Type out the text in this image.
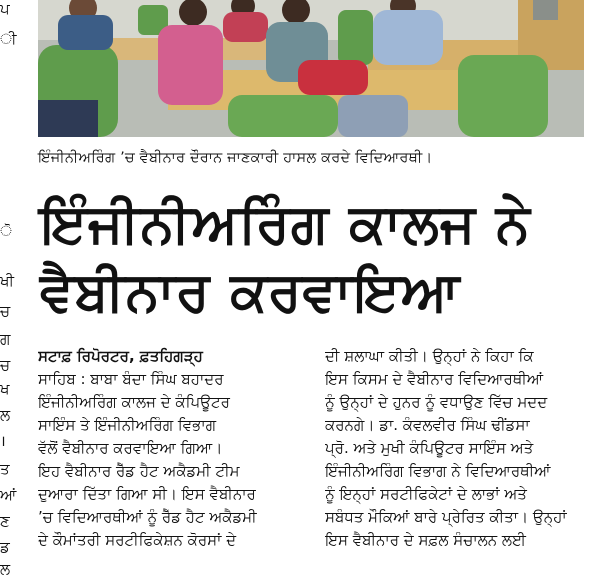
ਪ
ੀ
ੋ
ਖੀ
ਚ
ਗ
ਚ
ਖ
ਲ
।
ਤ
ਆਂ
ਣ
ਡ
ਲ
ਇੰਜੀਨੀਅਰਿੰਗ ’ਚ ਵੈਬੀਨਾਰ ਦੌਰਾਨ ਜਾਣਕਾਰੀ ਹਾਸਲ ਕਰਦੇ ਵਿਦਿਆਰਥੀ।
ਇੰਜੀਨੀਅਰਿੰਗ ਕਾਲਜ ਨੇ
ਵੈਬੀਨਾਰ ਕਰਵਾਇਆ
ਸਟਾਫ਼ ਰਿਪੋਰਟਰ, ਫ਼ਤਹਿਗੜ੍ਹ
ਸਾਹਿਬ : ਬਾਬਾ ਬੰਦਾ ਸਿੰਘ ਬਹਾਦਰ
ਇੰਜੀਨੀਅਰਿੰਗ ਕਾਲਜ ਦੇ ਕੰਪਿਊਟਰ
ਸਾਇੰਸ ਤੇ ਇੰਜੀਨੀਅਰਿੰਗ ਵਿਭਾਗ
ਵੱਲੋਂ ਵੈਬੀਨਾਰ ਕਰਵਾਇਆ ਗਿਆ।
ਇਹ ਵੈਬੀਨਾਰ ਰੈੱਡ ਹੈਟ ਅਕੈਡਮੀ ਟੀਮ
ਦੁਆਰਾ ਦਿੱਤਾ ਗਿਆ ਸੀ। ਇਸ ਵੈਬੀਨਾਰ
’ਚ ਵਿਦਿਆਰਥੀਆਂ ਨੂੰ ਰੈੱਡ ਹੈਟ ਅਕੈਡਮੀ
ਦੇ ਕੌਮਾਂਤਰੀ ਸਰਟੀਫਿਕੇਸ਼ਨ ਕੋਰਸਾਂ ਦੇ
ਦੀ ਸ਼ਲਾਘਾ ਕੀਤੀ। ਉਨ੍ਹਾਂ ਨੇ ਕਿਹਾ ਕਿ
ਇਸ ਕਿਸਮ ਦੇ ਵੈਬੀਨਾਰ ਵਿਦਿਆਰਥੀਆਂ
ਨੂੰ ਉਨ੍ਹਾਂ ਦੇ ਹੁਨਰ ਨੂੰ ਵਧਾਉਣ ਵਿੱਚ ਮਦਦ
ਕਰਨਗੇ। ਡਾ. ਕੰਵਲਵੀਰ ਸਿੰਘ ਢੀਂਡਸਾ
ਪ੍ਰੋ. ਅਤੇ ਮੁਖੀ ਕੰਪਿਊਟਰ ਸਾਇੰਸ ਅਤੇ
ਇੰਜੀਨੀਅਰਿੰਗ ਵਿਭਾਗ ਨੇ ਵਿਦਿਆਰਥੀਆਂ
ਨੂੰ ਇਨ੍ਹਾਂ ਸਰਟੀਫਿਕੇਟਾਂ ਦੇ ਲਾਭਾਂ ਅਤੇ
ਸਬੰਧਤ ਮੌਕਿਆਂ ਬਾਰੇ ਪ੍ਰੇਰਿਤ ਕੀਤਾ। ਉਨ੍ਹਾਂ
ਇਸ ਵੈਬੀਨਾਰ ਦੇ ਸਫ਼ਲ ਸੰਚਾਲਨ ਲਈ
